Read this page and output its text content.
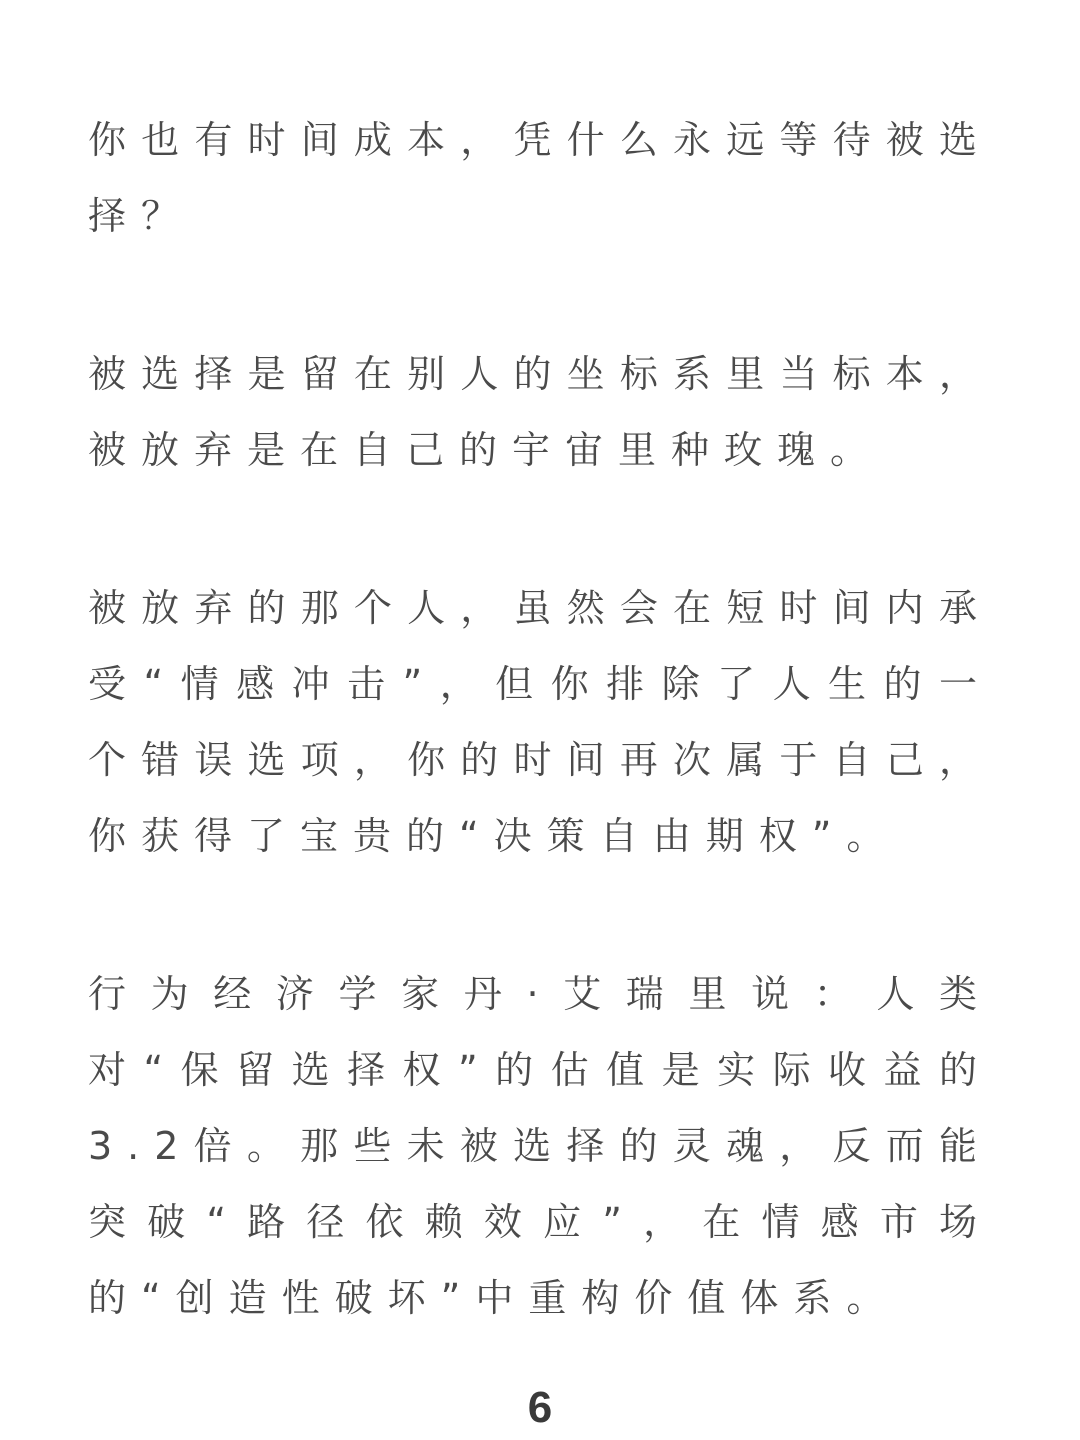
你也有时间成本，凭什么永远等待被选择？

被选择是留在别人的坐标系里当标本，被放弃是在自己的宇宙里种玫瑰。

被放弃的那个人，虽然会在短时间内承受“情感冲击”，但你排除了人生的一个错误选项，你的时间再次属于自己，你获得了宝贵的“决策自由期权”。

行为经济学家丹·艾瑞里说：人类对“保留选择权”的估值是实际收益的3.2倍。那些未被选择的灵魂，反而能突破“路径依赖效应”，在情感市场的“创造性破坏”中重构价值体系。

6
